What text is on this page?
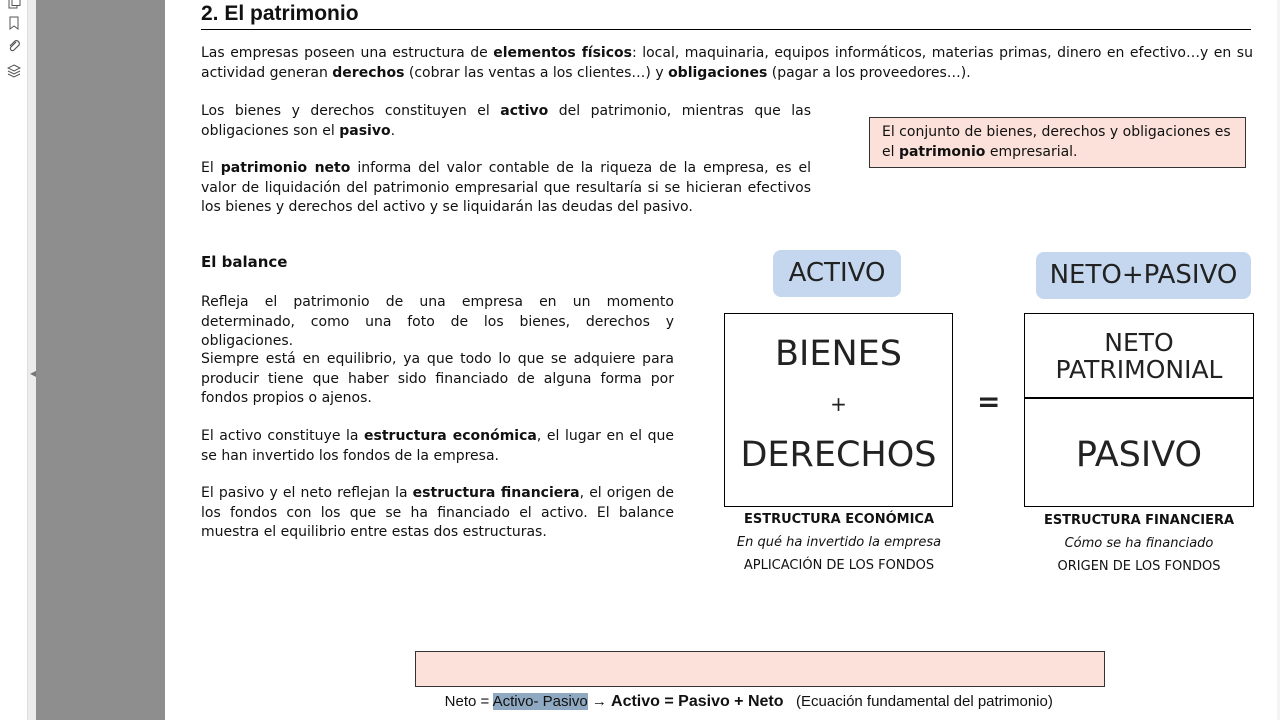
◀
2. El patrimonio
Las empresas poseen una estructura de elementos físicos: local, maquinaria, equipos informáticos, materias primas, dinero en efectivo…y en su actividad generan derechos (cobrar las ventas a los clientes…) y obligaciones (pagar a los proveedores…).
Los bienes y derechos constituyen el activo del patrimonio, mientras que las obligaciones son el pasivo.
El patrimonio neto informa del valor contable de la riqueza de la empresa, es el valor de liquidación del patrimonio empresarial que resultaría si se hicieran efectivos los bienes y derechos del activo y se liquidarán las deudas del pasivo.
El conjunto de bienes, derechos y obligaciones es el patrimonio empresarial.
El balance
Refleja el patrimonio de una empresa en un momento determinado, como una foto de los bienes, derechos y obligaciones.
Siempre está en equilibrio, ya que todo lo que se adquiere para producir tiene que haber sido financiado de alguna forma por fondos propios o ajenos.
El activo constituye la estructura económica, el lugar en el que se han invertido los fondos de la empresa.
El pasivo y el neto reflejan la estructura financiera, el origen de los fondos con los que se ha financiado el activo. El balance muestra el equilibrio entre estas dos estructuras.
ACTIVO	NETO+PASIVO
BIENES
+
DERECHOS
=
NETO
PATRIMONIAL
PASIVO
ESTRUCTURA ECONÓMICA
En qué ha invertido la empresa
APLICACIÓN DE LOS FONDOS
ESTRUCTURA FINANCIERA
Cómo se ha financiado
ORIGEN DE LOS FONDOS

Neto = Activo- Pasivo → Activo = Pasivo + Neto (Ecuación fundamental del patrimonio)
